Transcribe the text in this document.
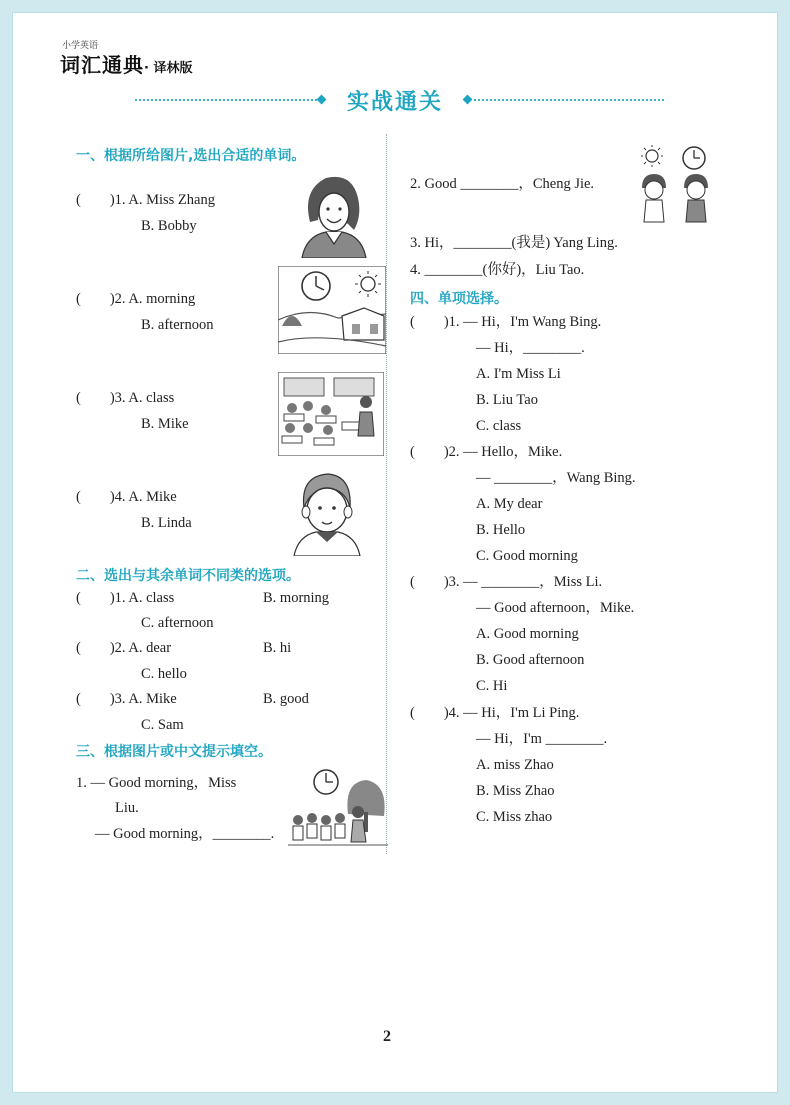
小学英语
词汇通典· 译林版
实战通关
一、根据所给图片,选出合适的单词。
(　　)1. A. Miss Zhang
B. Bobby
(　　)2. A. morning
B. afternoon
(　　)3. A. class
B. Mike
(　　)4. A. Mike
B. Linda
二、选出与其余单词不同类的选项。
(　　)1. A. class	B. morning
C. afternoon
(　　)2. A. dear	B. hi
C. hello
(　　)3. A. Mike	B. good
C. Sam
三、根据图片或中文提示填空。
1. — Good morning，Miss
Liu.
— Good morning，________.
2. Good ________，Cheng Jie.
3. Hi，________(我是) Yang Ling.
4. ________(你好)，Liu Tao.
四、单项选择。
(　　)1. — Hi，I'm Wang Bing.
— Hi，________.
A. I'm Miss Li
B. Liu Tao
C. class
(　　)2. — Hello，Mike.
— ________，Wang Bing.
A. My dear
B. Hello
C. Good morning
(　　)3. — ________，Miss Li.
— Good afternoon，Mike.
A. Good morning
B. Good afternoon
C. Hi
(　　)4. — Hi，I'm Li Ping.
— Hi，I'm ________.
A. miss Zhao
B. Miss Zhao
C. Miss zhao
2
